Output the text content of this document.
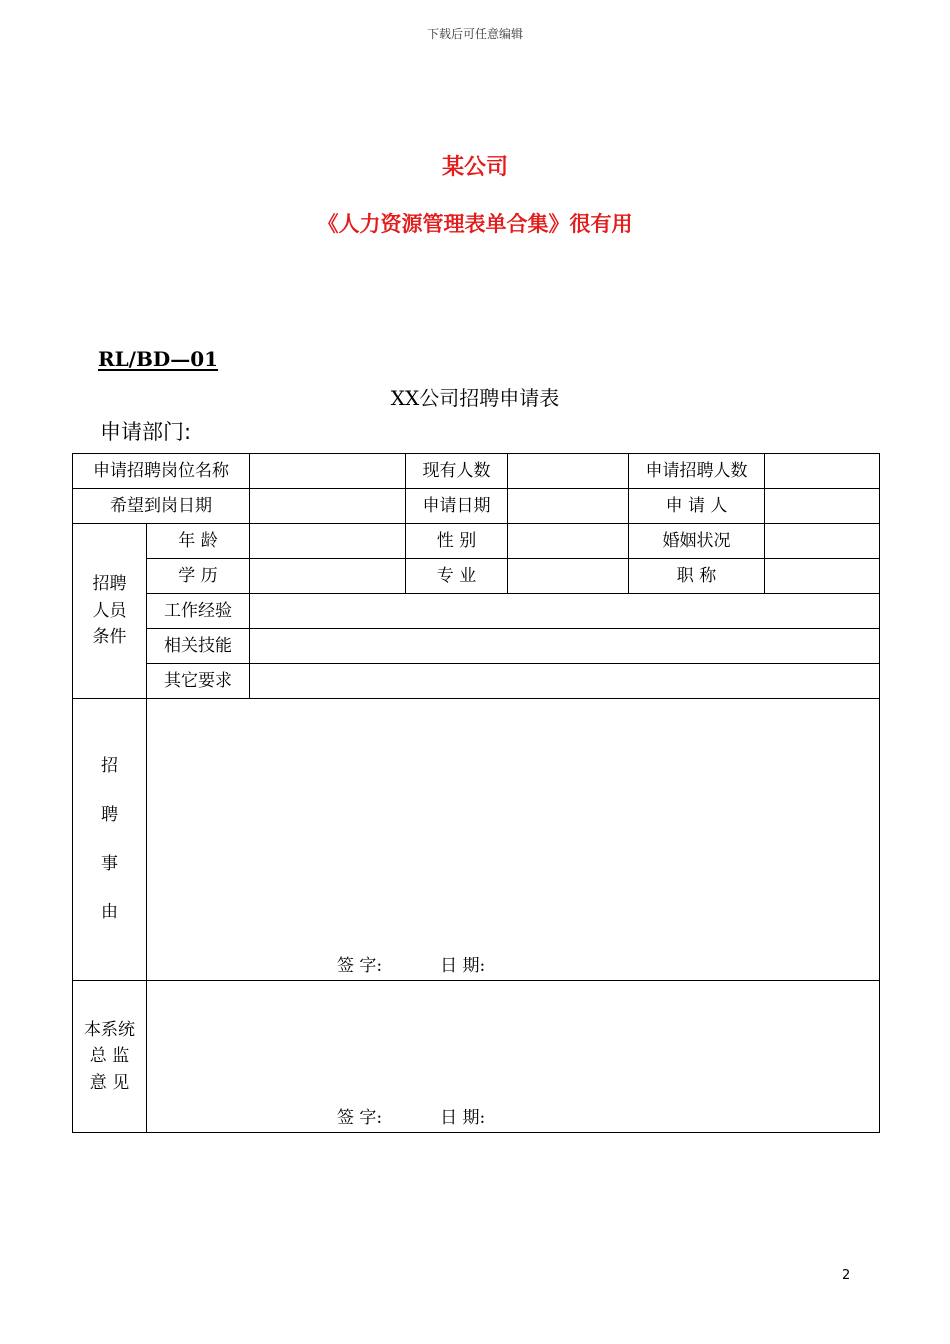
下载后可任意编辑
某公司
《人力资源管理表单合集》很有用
RL/BD—01
XX公司招聘申请表
申请部门:
申请招聘岗位名称			现有人数		申请招聘人数	
希望到岗日期			申请日期		申 请 人	

招聘
人员
条件	年 龄		性 别		婚姻状况	
	学 历		专 业		职 称	
	工作经验					
	相关技能					
	其它要求					

招
聘
事
由	签 字: 日 期:					

本系统
总 监
意 见	签 字: 日 期:					
2
